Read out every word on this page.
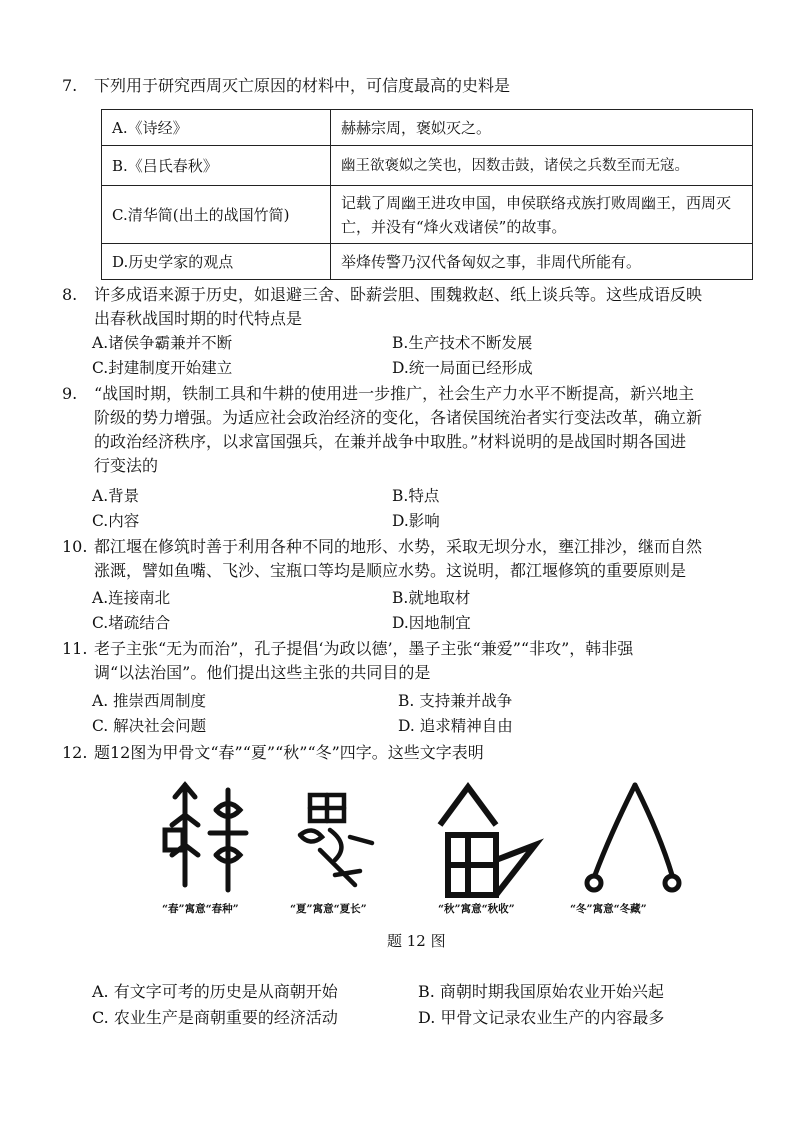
7.	下列用于研究西周灭亡原因的材料中，可信度最高的史料是
A.《诗经》	赫赫宗周，褒姒灭之。
B.《吕氏春秋》	幽王欲褒姒之笑也，因数击鼓，诸侯之兵数至而无寇。
C.清华简(出土的战国竹简)	记载了周幽王进攻申国，申侯联络戎族打败周幽王，西周灭亡，并没有“烽火戏诸侯”的故事。
D.历史学家的观点	举烽传警乃汉代备匈奴之事，非周代所能有。
8.	许多成语来源于历史，如退避三舍、卧薪尝胆、围魏救赵、纸上谈兵等。这些成语反映
出春秋战国时期的时代特点是
A.诸侯争霸兼并不断	B.生产技术不断发展
C.封建制度开始建立	D.统一局面已经形成
9.	“战国时期，铁制工具和牛耕的使用进一步推广，社会生产力水平不断提高，新兴地主
阶级的势力增强。为适应社会政治经济的变化，各诸侯国统治者实行变法改革，确立新
的政治经济秩序，以求富国强兵，在兼并战争中取胜。”材料说明的是战国时期各国进
行变法的
A.背景	B.特点
C.内容	D.影响
10. 都江堰在修筑时善于利用各种不同的地形、水势，采取无坝分水，壅江排沙，继而自然
涨溉，譬如鱼嘴、飞沙、宝瓶口等均是顺应水势。这说明，都江堰修筑的重要原则是
A.连接南北	B.就地取材
C.堵疏结合	D.因地制宜
11. 老子主张“无为而治”，孔子提倡‘为政以德’，墨子主张“兼爱”“非攻”，韩非强
调“以法治国”。他们提出这些主张的共同目的是
A. 推崇西周制度	B. 支持兼并战争
C. 解决社会问题	D. 追求精神自由
12. 题12图为甲骨文“春”“夏”“秋”“冬”四字。这些文字表明
“春”寓意“春种”	“夏”寓意“夏长”	“秋”寓意“秋收”	“冬”寓意“冬藏”
题 12 图
A. 有文字可考的历史是从商朝开始	B. 商朝时期我国原始农业开始兴起
C. 农业生产是商朝重要的经济活动	D. 甲骨文记录农业生产的内容最多
